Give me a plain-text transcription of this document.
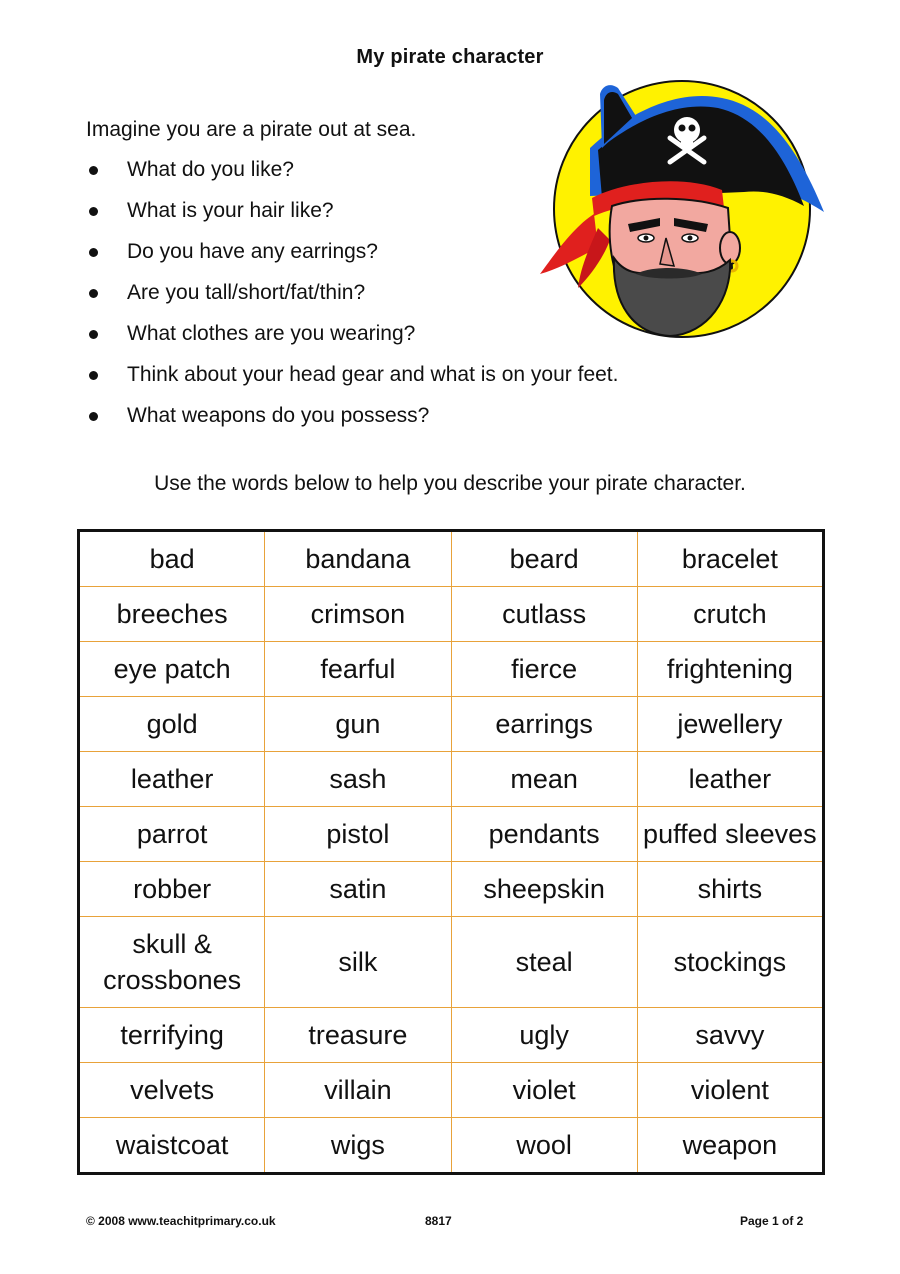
My pirate character
Imagine you are a pirate out at sea.
What do you like?
What is your hair like?
Do you have any earrings?
Are you tall/short/fat/thin?
What clothes are you wearing?
Think about your head gear and what is on your feet.
What weapons do you possess?
Use the words below to help you describe your pirate character.
bad	bandana	beard	bracelet
breeches	crimson	cutlass	crutch
eye patch	fearful	fierce	frightening
gold	gun	earrings	jewellery
leather	sash	mean	leather
parrot	pistol	pendants	puffed sleeves
robber	satin	sheepskin	shirts
skull & crossbones	silk	steal	stockings
terrifying	treasure	ugly	savvy
velvets	villain	violet	violent
waistcoat	wigs	wool	weapon
© 2008 www.teachitprimary.co.uk	8817	Page 1 of 2
